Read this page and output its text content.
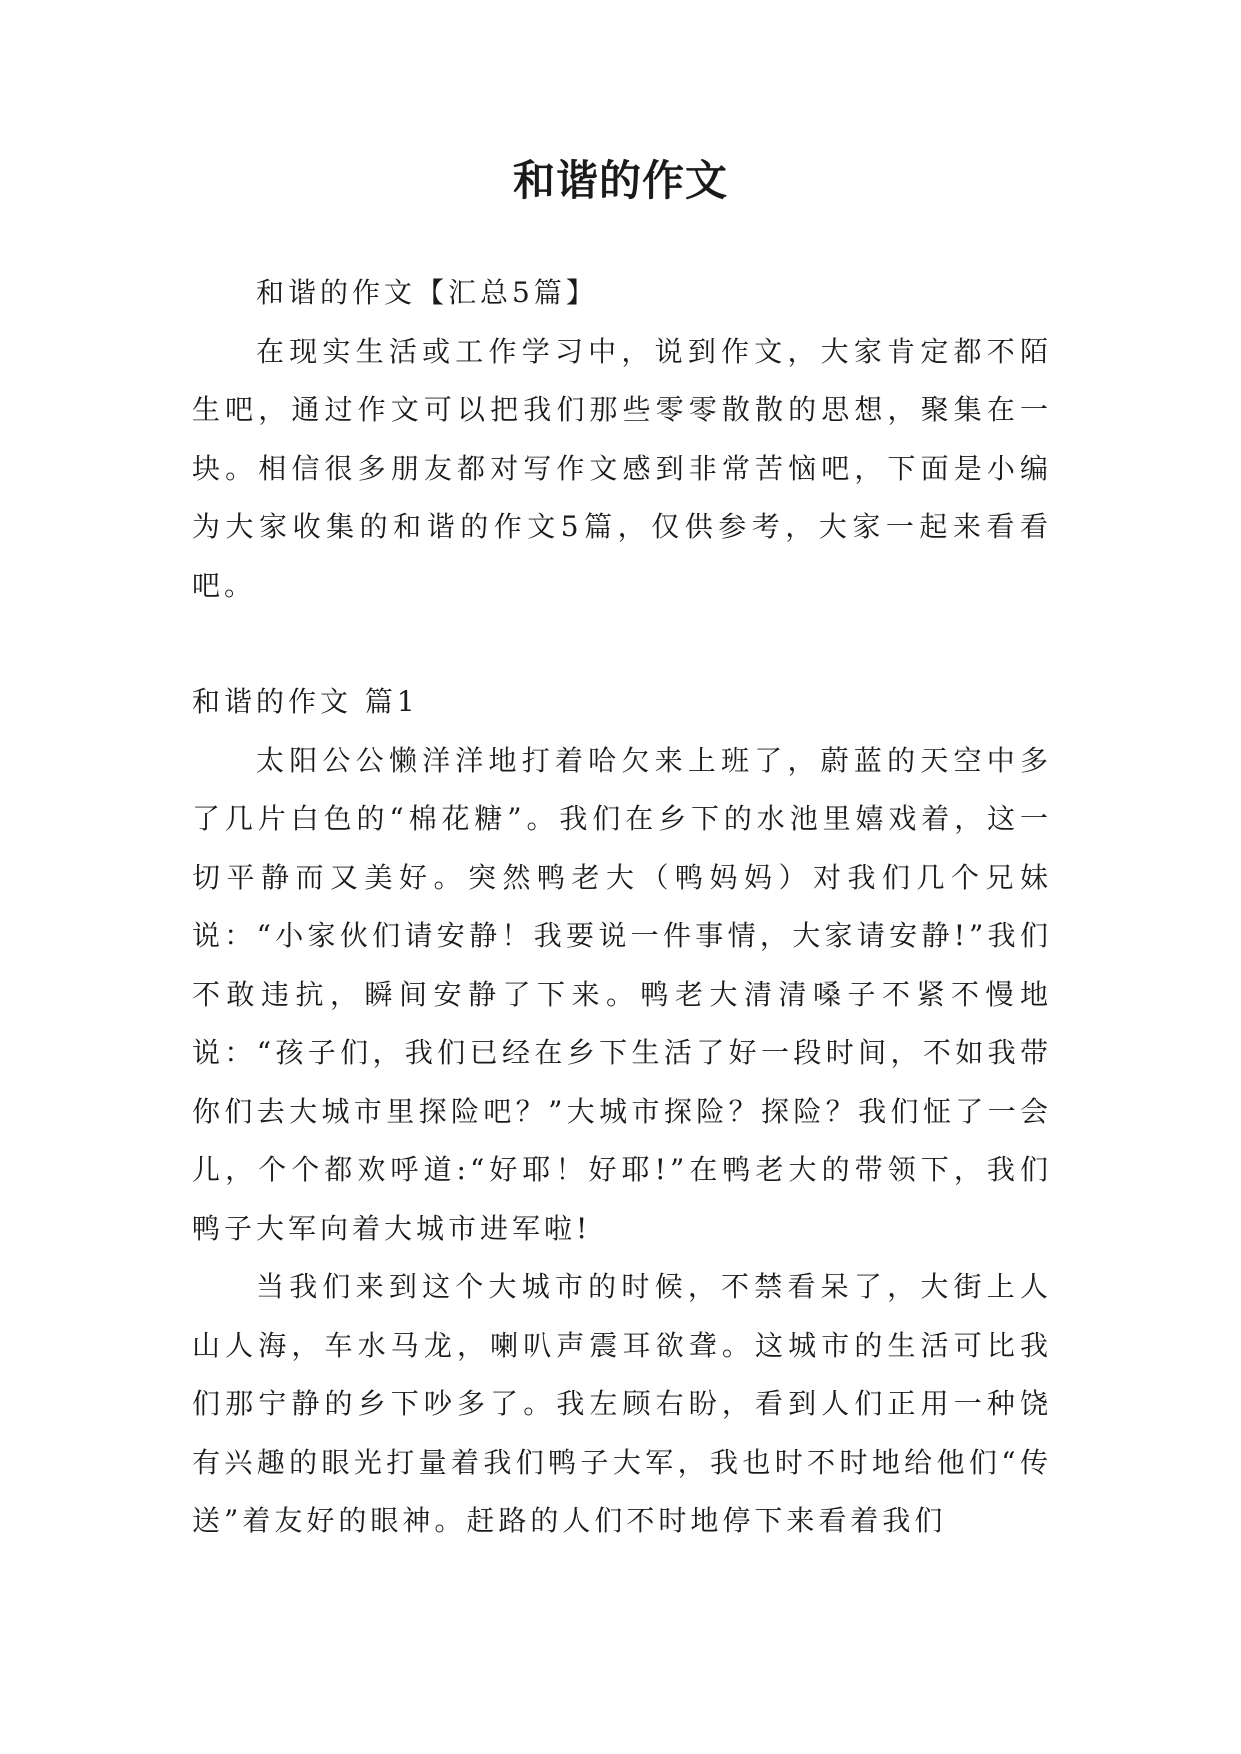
和谐的作文

和谐的作文【汇总5篇】

在现实生活或工作学习中，说到作文，大家肯定都不陌生吧，通过作文可以把我们那些零零散散的思想，聚集在一块。相信很多朋友都对写作文感到非常苦恼吧，下面是小编为大家收集的和谐的作文5篇，仅供参考，大家一起来看看吧。

和谐的作文 篇1

太阳公公懒洋洋地打着哈欠来上班了，蔚蓝的天空中多了几片白色的“棉花糖”。我们在乡下的水池里嬉戏着，这一切平静而又美好。突然鸭老大（鸭妈妈）对我们几个兄妹说：“小家伙们请安静！我要说一件事情，大家请安静!”我们不敢违抗，瞬间安静了下来。鸭老大清清嗓子不紧不慢地说：“孩子们，我们已经在乡下生活了好一段时间，不如我带你们去大城市里探险吧？”大城市探险？探险？我们怔了一会儿，个个都欢呼道:“好耶！好耶!”在鸭老大的带领下，我们鸭子大军向着大城市进军啦!

当我们来到这个大城市的时候，不禁看呆了，大街上人山人海，车水马龙，喇叭声震耳欲聋。这城市的生活可比我们那宁静的乡下吵多了。我左顾右盼，看到人们正用一种饶有兴趣的眼光打量着我们鸭子大军，我也时不时地给他们“传送”着友好的眼神。赶路的人们不时地停下来看着我们
